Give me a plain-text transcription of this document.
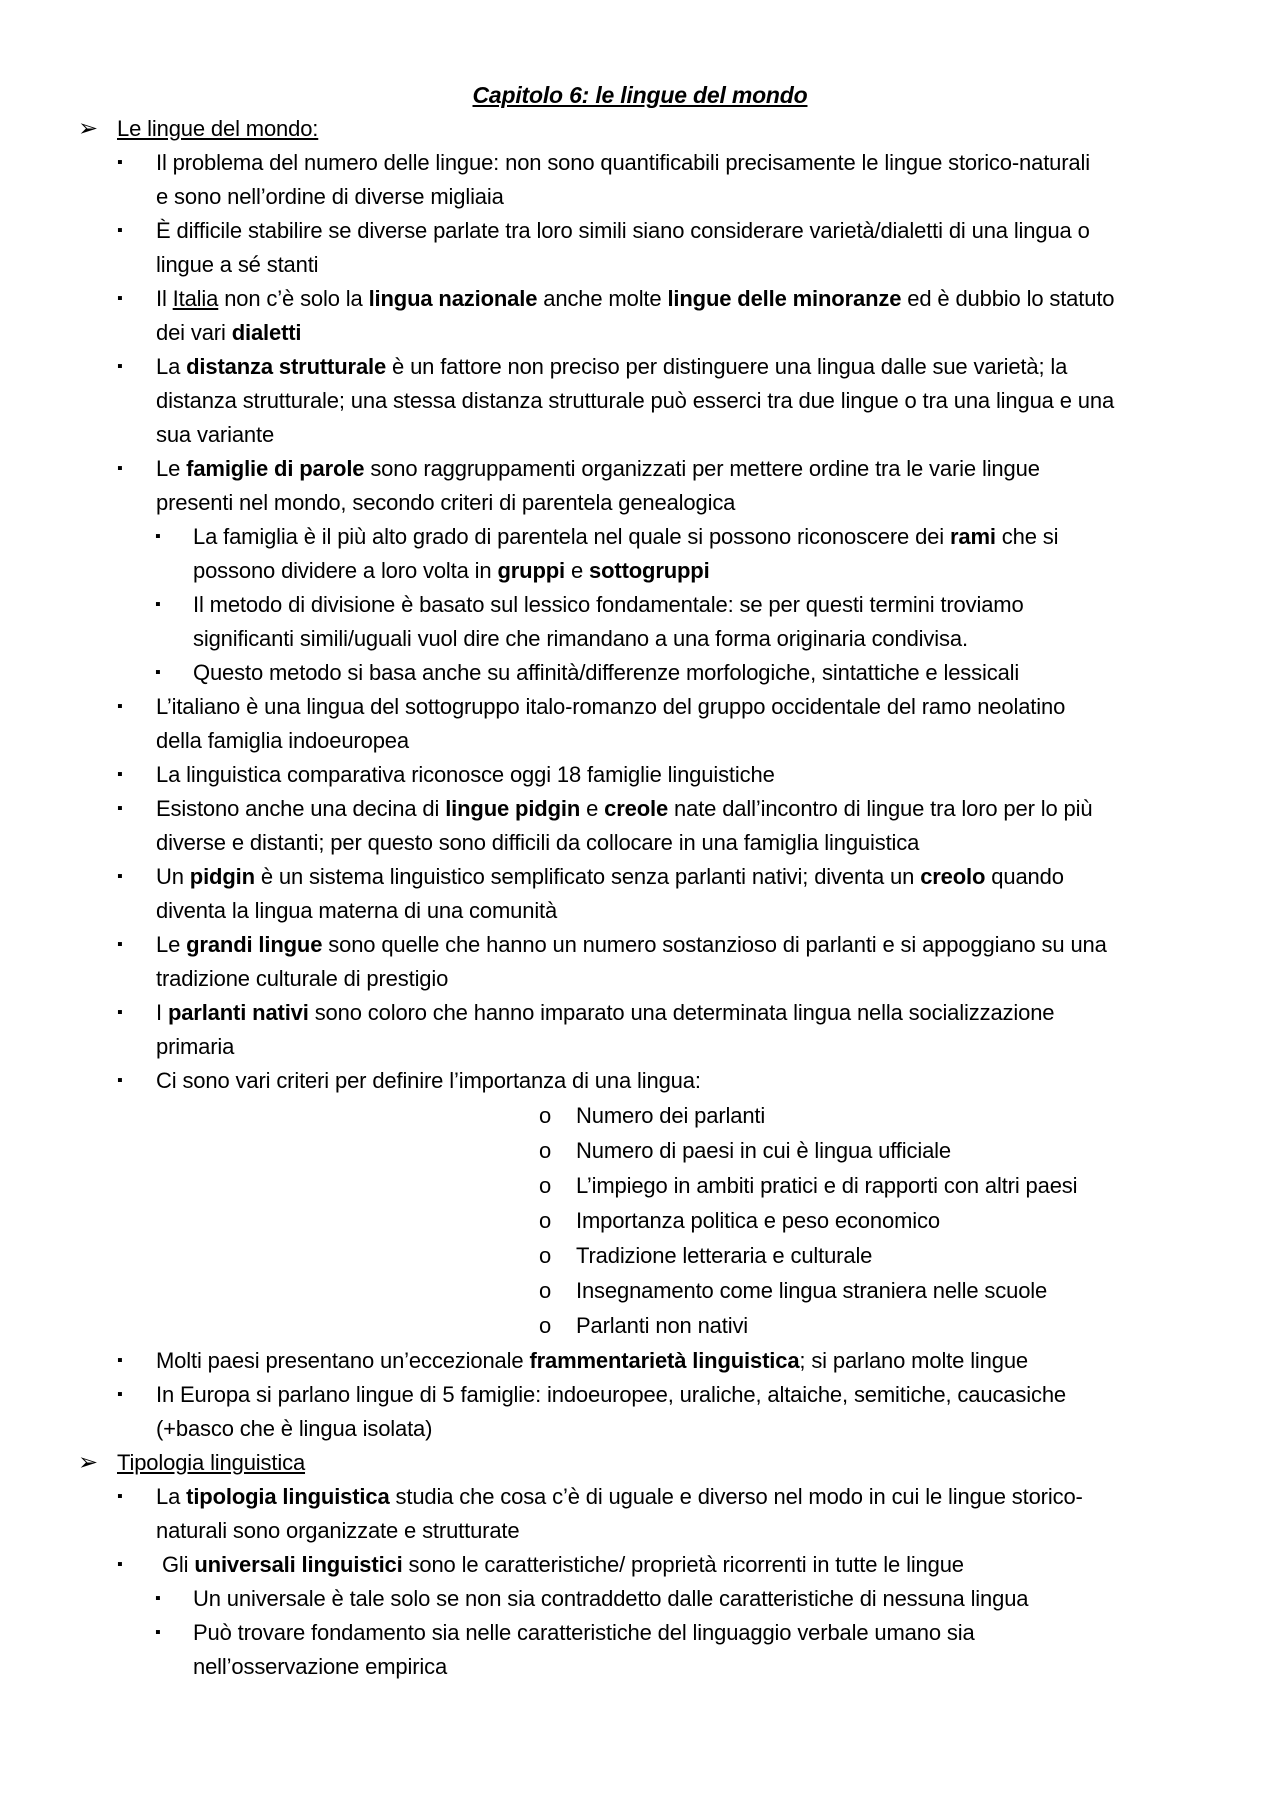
Capitolo 6: le lingue del mondo
➢ Le lingue del mondo:
▪ Il problema del numero delle lingue: non sono quantificabili precisamente le lingue storico-naturali
e sono nell’ordine di diverse migliaia
▪ È difficile stabilire se diverse parlate tra loro simili siano considerare varietà/dialetti di una lingua o
lingue a sé stanti
▪ Il Italia non c’è solo la lingua nazionale anche molte lingue delle minoranze ed è dubbio lo statuto
dei vari dialetti
▪ La distanza strutturale è un fattore non preciso per distinguere una lingua dalle sue varietà; la
distanza strutturale; una stessa distanza strutturale può esserci tra due lingue o tra una lingua e una
sua variante
▪ Le famiglie di parole sono raggruppamenti organizzati per mettere ordine tra le varie lingue
presenti nel mondo, secondo criteri di parentela genealogica
▪ La famiglia è il più alto grado di parentela nel quale si possono riconoscere dei rami che si
possono dividere a loro volta in gruppi e sottogruppi
▪ Il metodo di divisione è basato sul lessico fondamentale: se per questi termini troviamo
significanti simili/uguali vuol dire che rimandano a una forma originaria condivisa.
▪ Questo metodo si basa anche su affinità/differenze morfologiche, sintattiche e lessicali
▪ L’italiano è una lingua del sottogruppo italo-romanzo del gruppo occidentale del ramo neolatino
della famiglia indoeuropea
▪ La linguistica comparativa riconosce oggi 18 famiglie linguistiche
▪ Esistono anche una decina di lingue pidgin e creole nate dall’incontro di lingue tra loro per lo più
diverse e distanti; per questo sono difficili da collocare in una famiglia linguistica
▪ Un pidgin è un sistema linguistico semplificato senza parlanti nativi; diventa un creolo quando
diventa la lingua materna di una comunità
▪ Le grandi lingue sono quelle che hanno un numero sostanzioso di parlanti e si appoggiano su una
tradizione culturale di prestigio
▪ I parlanti nativi sono coloro che hanno imparato una determinata lingua nella socializzazione
primaria
▪ Ci sono vari criteri per definire l’importanza di una lingua:
o Numero dei parlanti
o Numero di paesi in cui è lingua ufficiale
o L’impiego in ambiti pratici e di rapporti con altri paesi
o Importanza politica e peso economico
o Tradizione letteraria e culturale
o Insegnamento come lingua straniera nelle scuole
o Parlanti non nativi
▪ Molti paesi presentano un’eccezionale frammentarietà linguistica; si parlano molte lingue
▪ In Europa si parlano lingue di 5 famiglie: indoeuropee, uraliche, altaiche, semitiche, caucasiche
(+basco che è lingua isolata)
➢ Tipologia linguistica
▪ La tipologia linguistica studia che cosa c’è di uguale e diverso nel modo in cui le lingue storico-
naturali sono organizzate e strutturate
▪ Gli universali linguistici sono le caratteristiche/ proprietà ricorrenti in tutte le lingue
▪ Un universale è tale solo se non sia contraddetto dalle caratteristiche di nessuna lingua
▪ Può trovare fondamento sia nelle caratteristiche del linguaggio verbale umano sia
nell’osservazione empirica
